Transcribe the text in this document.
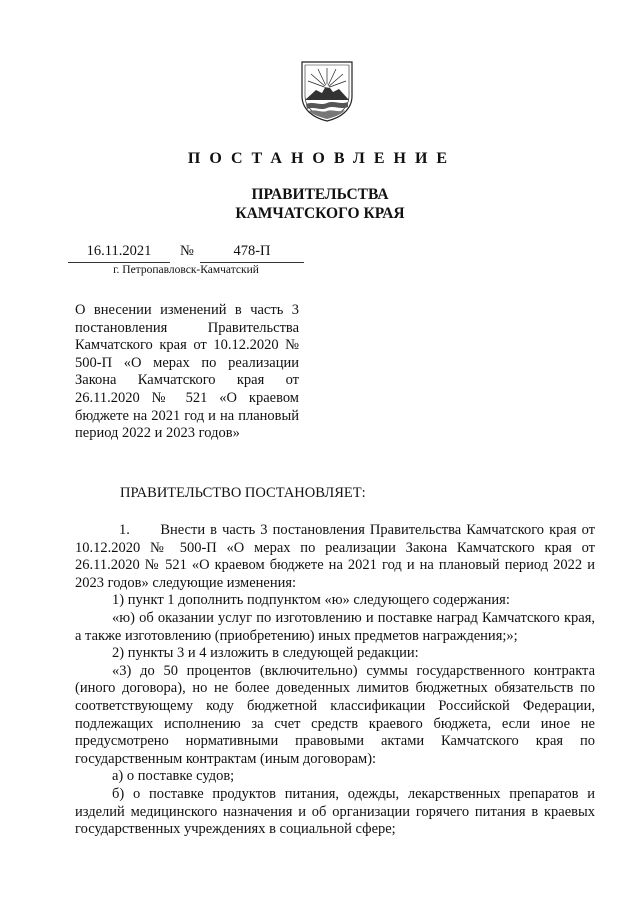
ПОСТАНОВЛЕНИЕ
ПРАВИТЕЛЬСТВА
КАМЧАТСКОГО КРАЯ
16.11.2021	№	478-П
г. Петропавловск-Камчатский
О внесении изменений в часть 3 постановления Правительства Камчатского края от 10.12.2020 № 500-П «О мерах по реализации Закона Камчатского края от 26.11.2020 № 521 «О краевом бюджете на 2021 год и на плановый период 2022 и 2023 годов»
ПРАВИТЕЛЬСТВО ПОСТАНОВЛЯЕТ:

1.      Внести в часть 3 постановления Правительства Камчатского края от 10.12.2020 № 500-П «О мерах по реализации Закона Камчатского края от 26.11.2020 № 521 «О краевом бюджете на 2021 год и на плановый период 2022 и 2023 годов» следующие изменения:

1) пункт 1 дополнить подпунктом «ю» следующего содержания:

«ю) об оказании услуг по изготовлению и поставке наград Камчатского края, а также изготовлению (приобретению) иных предметов награждения;»;

2) пункты 3 и 4 изложить в следующей редакции:

«3) до 50 процентов (включительно) суммы государственного контракта (иного договора), но не более доведенных лимитов бюджетных обязательств по соответствующему коду бюджетной классификации Российской Федерации, подлежащих исполнению за счет средств краевого бюджета, если иное не предусмотрено нормативными правовыми актами Камчатского края по государственным контрактам (иным договорам):

а) о поставке судов;

б) о поставке продуктов питания, одежды, лекарственных препаратов и изделий медицинского назначения и об организации горячего питания в краевых государственных учреждениях в социальной сфере;
